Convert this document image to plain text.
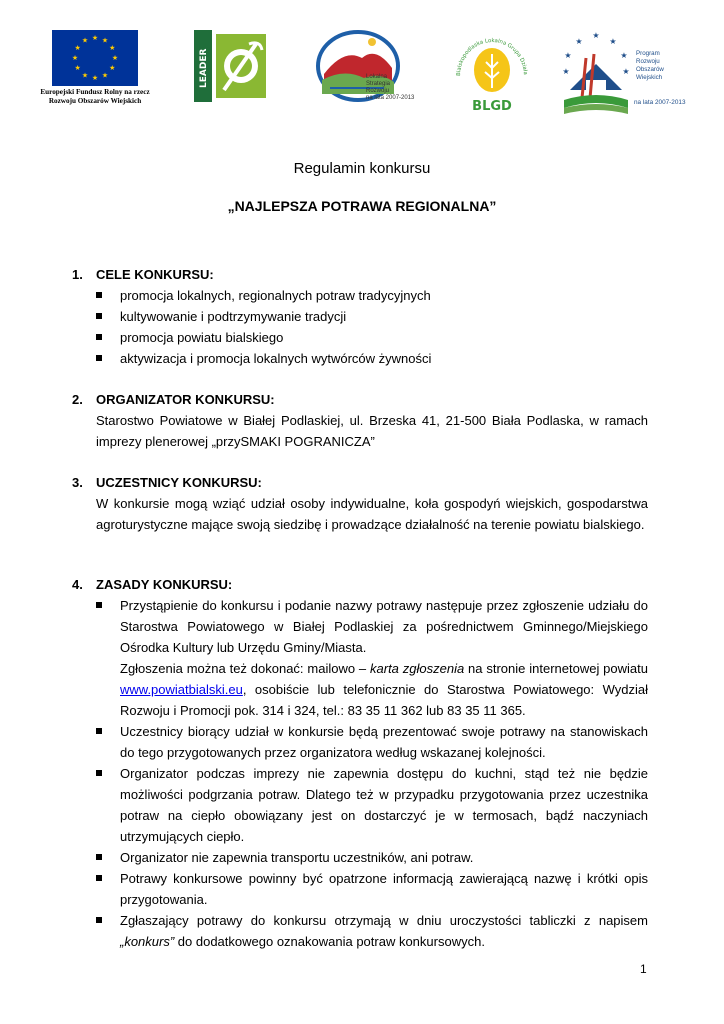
★ ★
★
★
★
★
★
★
★
★
★
★
Europejski Fundusz Rolny na rzecz
Rozwoju Obszarów Wiejskich
LEADER	Lokalna
Strategia
Rozwoju
na lata 2007-2013
Bialskopodlaska Lokalna Grupa Działa
BLGD
★
★
★
★
★
★
★
Program
Rozwoju
Obszarów
Wiejskich
na lata 2007-2013
Regulamin konkursu
„NAJLEPSZA POTRAWA REGIONALNA”
1. CELE KONKURSU:
promocja lokalnych, regionalnych potraw tradycyjnych
kultywowanie i podtrzymywanie tradycji
promocja powiatu bialskiego
aktywizacja i promocja lokalnych wytwórców żywności
2. ORGANIZATOR KONKURSU:
Starostwo Powiatowe w Białej Podlaskiej, ul. Brzeska 41, 21-500 Biała Podlaska, w ramach imprezy plenerowej „przySMAKI POGRANICZA”
3. UCZESTNICY KONKURSU:
W konkursie mogą wziąć udział osoby indywidualne, koła gospodyń wiejskich, gospodarstwa agroturystyczne mające swoją siedzibę i prowadzące działalność na terenie powiatu bialskiego.
4. ZASADY KONKURSU:
Przystąpienie do konkursu i podanie nazwy potrawy następuje przez zgłoszenie udziału do Starostwa Powiatowego w Białej Podlaskiej za pośrednictwem Gminnego/Miejskiego Ośrodka Kultury lub Urzędu Gminy/Miasta.
Zgłoszenia można też dokonać: mailowo – karta zgłoszenia na stronie internetowej powiatu www.powiatbialski.eu, osobiście lub telefonicznie do Starostwa Powiatowego: Wydział Rozwoju i Promocji pok. 314 i 324, tel.: 83 35 11 362 lub 83 35 11 365.
Uczestnicy biorący udział w konkursie będą prezentować swoje potrawy na stanowiskach do tego przygotowanych przez organizatora według wskazanej kolejności.
Organizator podczas imprezy nie zapewnia dostępu do kuchni, stąd też nie będzie możliwości podgrzania potraw. Dlatego też w przypadku przygotowania przez uczestnika potraw na ciepło obowiązany jest on dostarczyć je w termosach, bądź naczyniach utrzymujących ciepło.
Organizator nie zapewnia transportu uczestników, ani potraw.
Potrawy konkursowe powinny być opatrzone informacją zawierającą nazwę i krótki opis przygotowania.
Zgłaszający potrawy do konkursu otrzymają w dniu uroczystości tabliczki z napisem „konkurs” do dodatkowego oznakowania potraw konkursowych.
1
